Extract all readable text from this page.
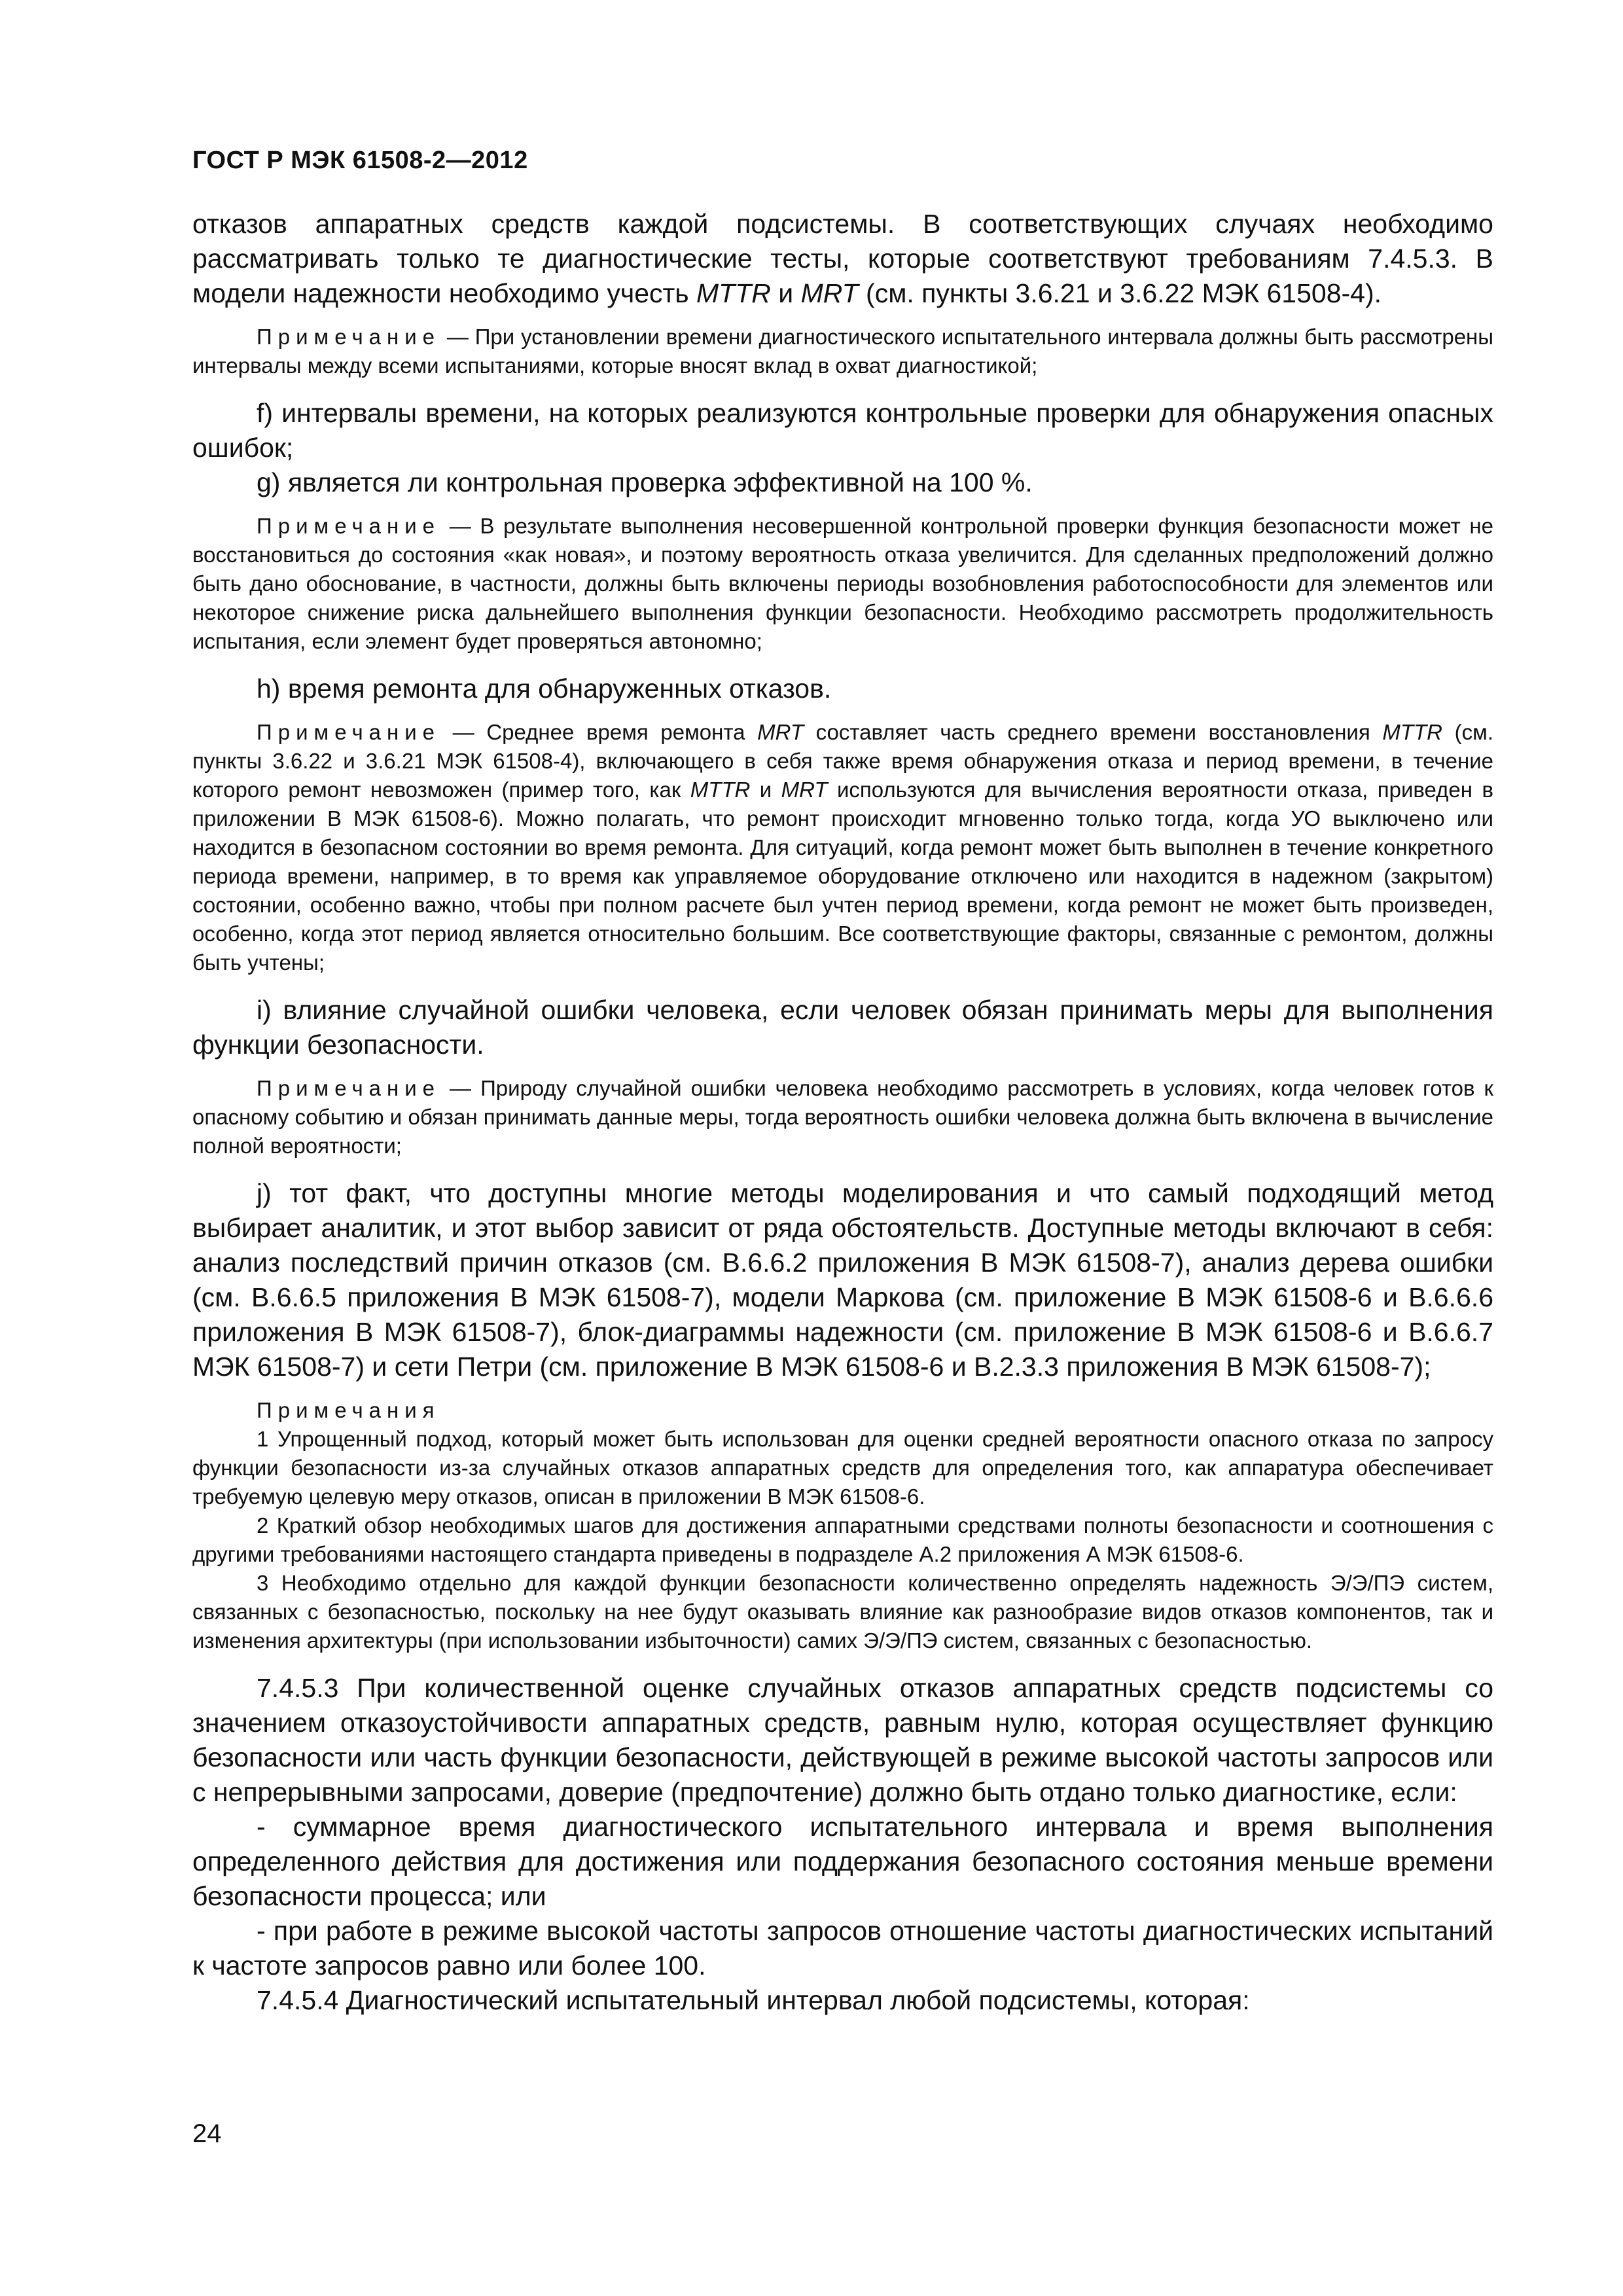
ГОСТ Р МЭК 61508-2—2012

отказов аппаратных средств каждой подсистемы. В соответствующих случаях необходимо рассматривать только те диагностические тесты, которые соответствуют требованиям 7.4.5.3. В модели надежности необходимо учесть MTTR и MRT (см. пункты 3.6.21 и 3.6.22 МЭК 61508-4).

Примечание — При установлении времени диагностического испытательного интервала должны быть рассмотрены интервалы между всеми испытаниями, которые вносят вклад в охват диагностикой;

f) интервалы времени, на которых реализуются контрольные проверки для обнаружения опасных ошибок;

g) является ли контрольная проверка эффективной на 100 %.

Примечание — В результате выполнения несовершенной контрольной проверки функция безопасности может не восстановиться до состояния «как новая», и поэтому вероятность отказа увеличится. Для сделанных предположений должно быть дано обоснование, в частности, должны быть включены периоды возобновления работоспособности для элементов или некоторое снижение риска дальнейшего выполнения функции безопасности. Необходимо рассмотреть продолжительность испытания, если элемент будет проверяться автономно;

h) время ремонта для обнаруженных отказов.

Примечание — Среднее время ремонта MRT составляет часть среднего времени восстановления MTTR (см. пункты 3.6.22 и 3.6.21 МЭК 61508-4), включающего в себя также время обнаружения отказа и период времени, в течение которого ремонт невозможен (пример того, как MTTR и MRT используются для вычисления вероятности отказа, приведен в приложении В МЭК 61508-6). Можно полагать, что ремонт происходит мгновенно только тогда, когда УО выключено или находится в безопасном состоянии во время ремонта. Для ситуаций, когда ремонт может быть выполнен в течение конкретного периода времени, например, в то время как управляемое оборудование отключено или находится в надежном (закрытом) состоянии, особенно важно, чтобы при полном расчете был учтен период времени, когда ремонт не может быть произведен, особенно, когда этот период является относительно большим. Все соответствующие факторы, связанные с ремонтом, должны быть учтены;

i) влияние случайной ошибки человека, если человек обязан принимать меры для выполнения функции безопасности.

Примечание — Природу случайной ошибки человека необходимо рассмотреть в условиях, когда человек готов к опасному событию и обязан принимать данные меры, тогда вероятность ошибки человека должна быть включена в вычисление полной вероятности;

j) тот факт, что доступны многие методы моделирования и что самый подходящий метод выбирает аналитик, и этот выбор зависит от ряда обстоятельств. Доступные методы включают в себя: анализ последствий причин отказов (см. В.6.6.2 приложения В МЭК 61508-7), анализ дерева ошибки (см. В.6.6.5 приложения В МЭК 61508-7), модели Маркова (см. приложение В МЭК 61508-6 и В.6.6.6 приложения В МЭК 61508-7), блок-диаграммы надежности (см. приложение В МЭК 61508-6 и В.6.6.7 МЭК 61508-7) и сети Петри (см. приложение В МЭК 61508-6 и В.2.3.3 приложения В МЭК 61508-7);

Примечания

1 Упрощенный подход, который может быть использован для оценки средней вероятности опасного отказа по запросу функции безопасности из-за случайных отказов аппаратных средств для определения того, как аппаратура обеспечивает требуемую целевую меру отказов, описан в приложении В МЭК 61508-6.

2 Краткий обзор необходимых шагов для достижения аппаратными средствами полноты безопасности и соотношения с другими требованиями настоящего стандарта приведены в подразделе А.2 приложения А МЭК 61508-6.

3 Необходимо отдельно для каждой функции безопасности количественно определять надежность Э/Э/ПЭ систем, связанных с безопасностью, поскольку на нее будут оказывать влияние как разнообразие видов отказов компонентов, так и изменения архитектуры (при использовании избыточности) самих Э/Э/ПЭ систем, связанных с безопасностью.

7.4.5.3 При количественной оценке случайных отказов аппаратных средств подсистемы со значением отказоустойчивости аппаратных средств, равным нулю, которая осуществляет функцию безопасности или часть функции безопасности, действующей в режиме высокой частоты запросов или с непрерывными запросами, доверие (предпочтение) должно быть отдано только диагностике, если:

- суммарное время диагностического испытательного интервала и время выполнения определенного действия для достижения или поддержания безопасного состояния меньше времени безопасности процесса; или

- при работе в режиме высокой частоты запросов отношение частоты диагностических испытаний к частоте запросов равно или более 100.

7.4.5.4 Диагностический испытательный интервал любой подсистемы, которая:

24
